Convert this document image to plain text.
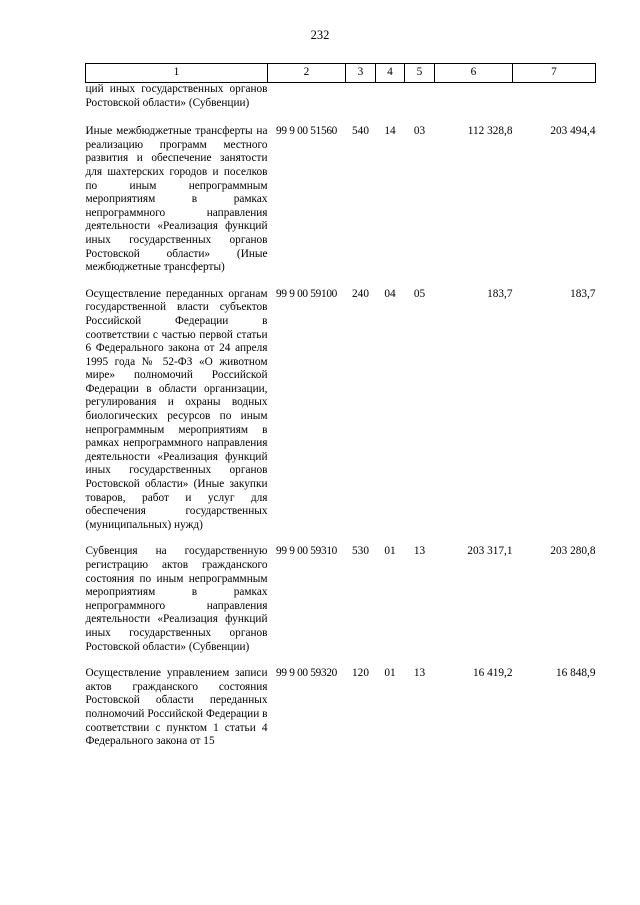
232
1	2	3	4	5	6	7
ций иных государственных органов Ростовской области» (Субвенции)						
Иные межбюджетные трансферты на реализацию программ местного развития и обеспечение занятости для шахтерских городов и поселков по иным непрограммным мероприятиям в рамках непрограммного направления деятельности «Реализация функций иных государственных органов Ростовской области» (Иные межбюджетные трансферты)	99 9 00 51560	540	14	03	112 328,8	203 494,4
Осуществление переданных органам государственной власти субъектов Российской Федерации в соответствии с частью первой статьи 6 Федерального закона от 24 апреля 1995 года № 52-ФЗ «О животном мире» полномочий Российской Федерации в области организации, регулирования и охраны водных биологических ресурсов по иным непрограммным мероприятиям в рамках непрограммного направления деятельности «Реализация функций иных государственных органов Ростовской области» (Иные закупки товаров, работ и услуг для обеспечения государственных (муниципальных) нужд)	99 9 00 59100	240	04	05	183,7	183,7
Субвенция на государственную регистрацию актов гражданского состояния по иным непрограммным мероприятиям в рамках непрограммного направления деятельности «Реализация функций иных государственных органов Ростовской области» (Субвенции)	99 9 00 59310	530	01	13	203 317,1	203 280,8
Осуществление управлением записи актов гражданского состояния Ростовской области переданных полномочий Российской Федерации в соответствии с пунктом 1 статьи 4 Федерального закона от 15	99 9 00 59320	120	01	13	16 419,2	16 848,9
